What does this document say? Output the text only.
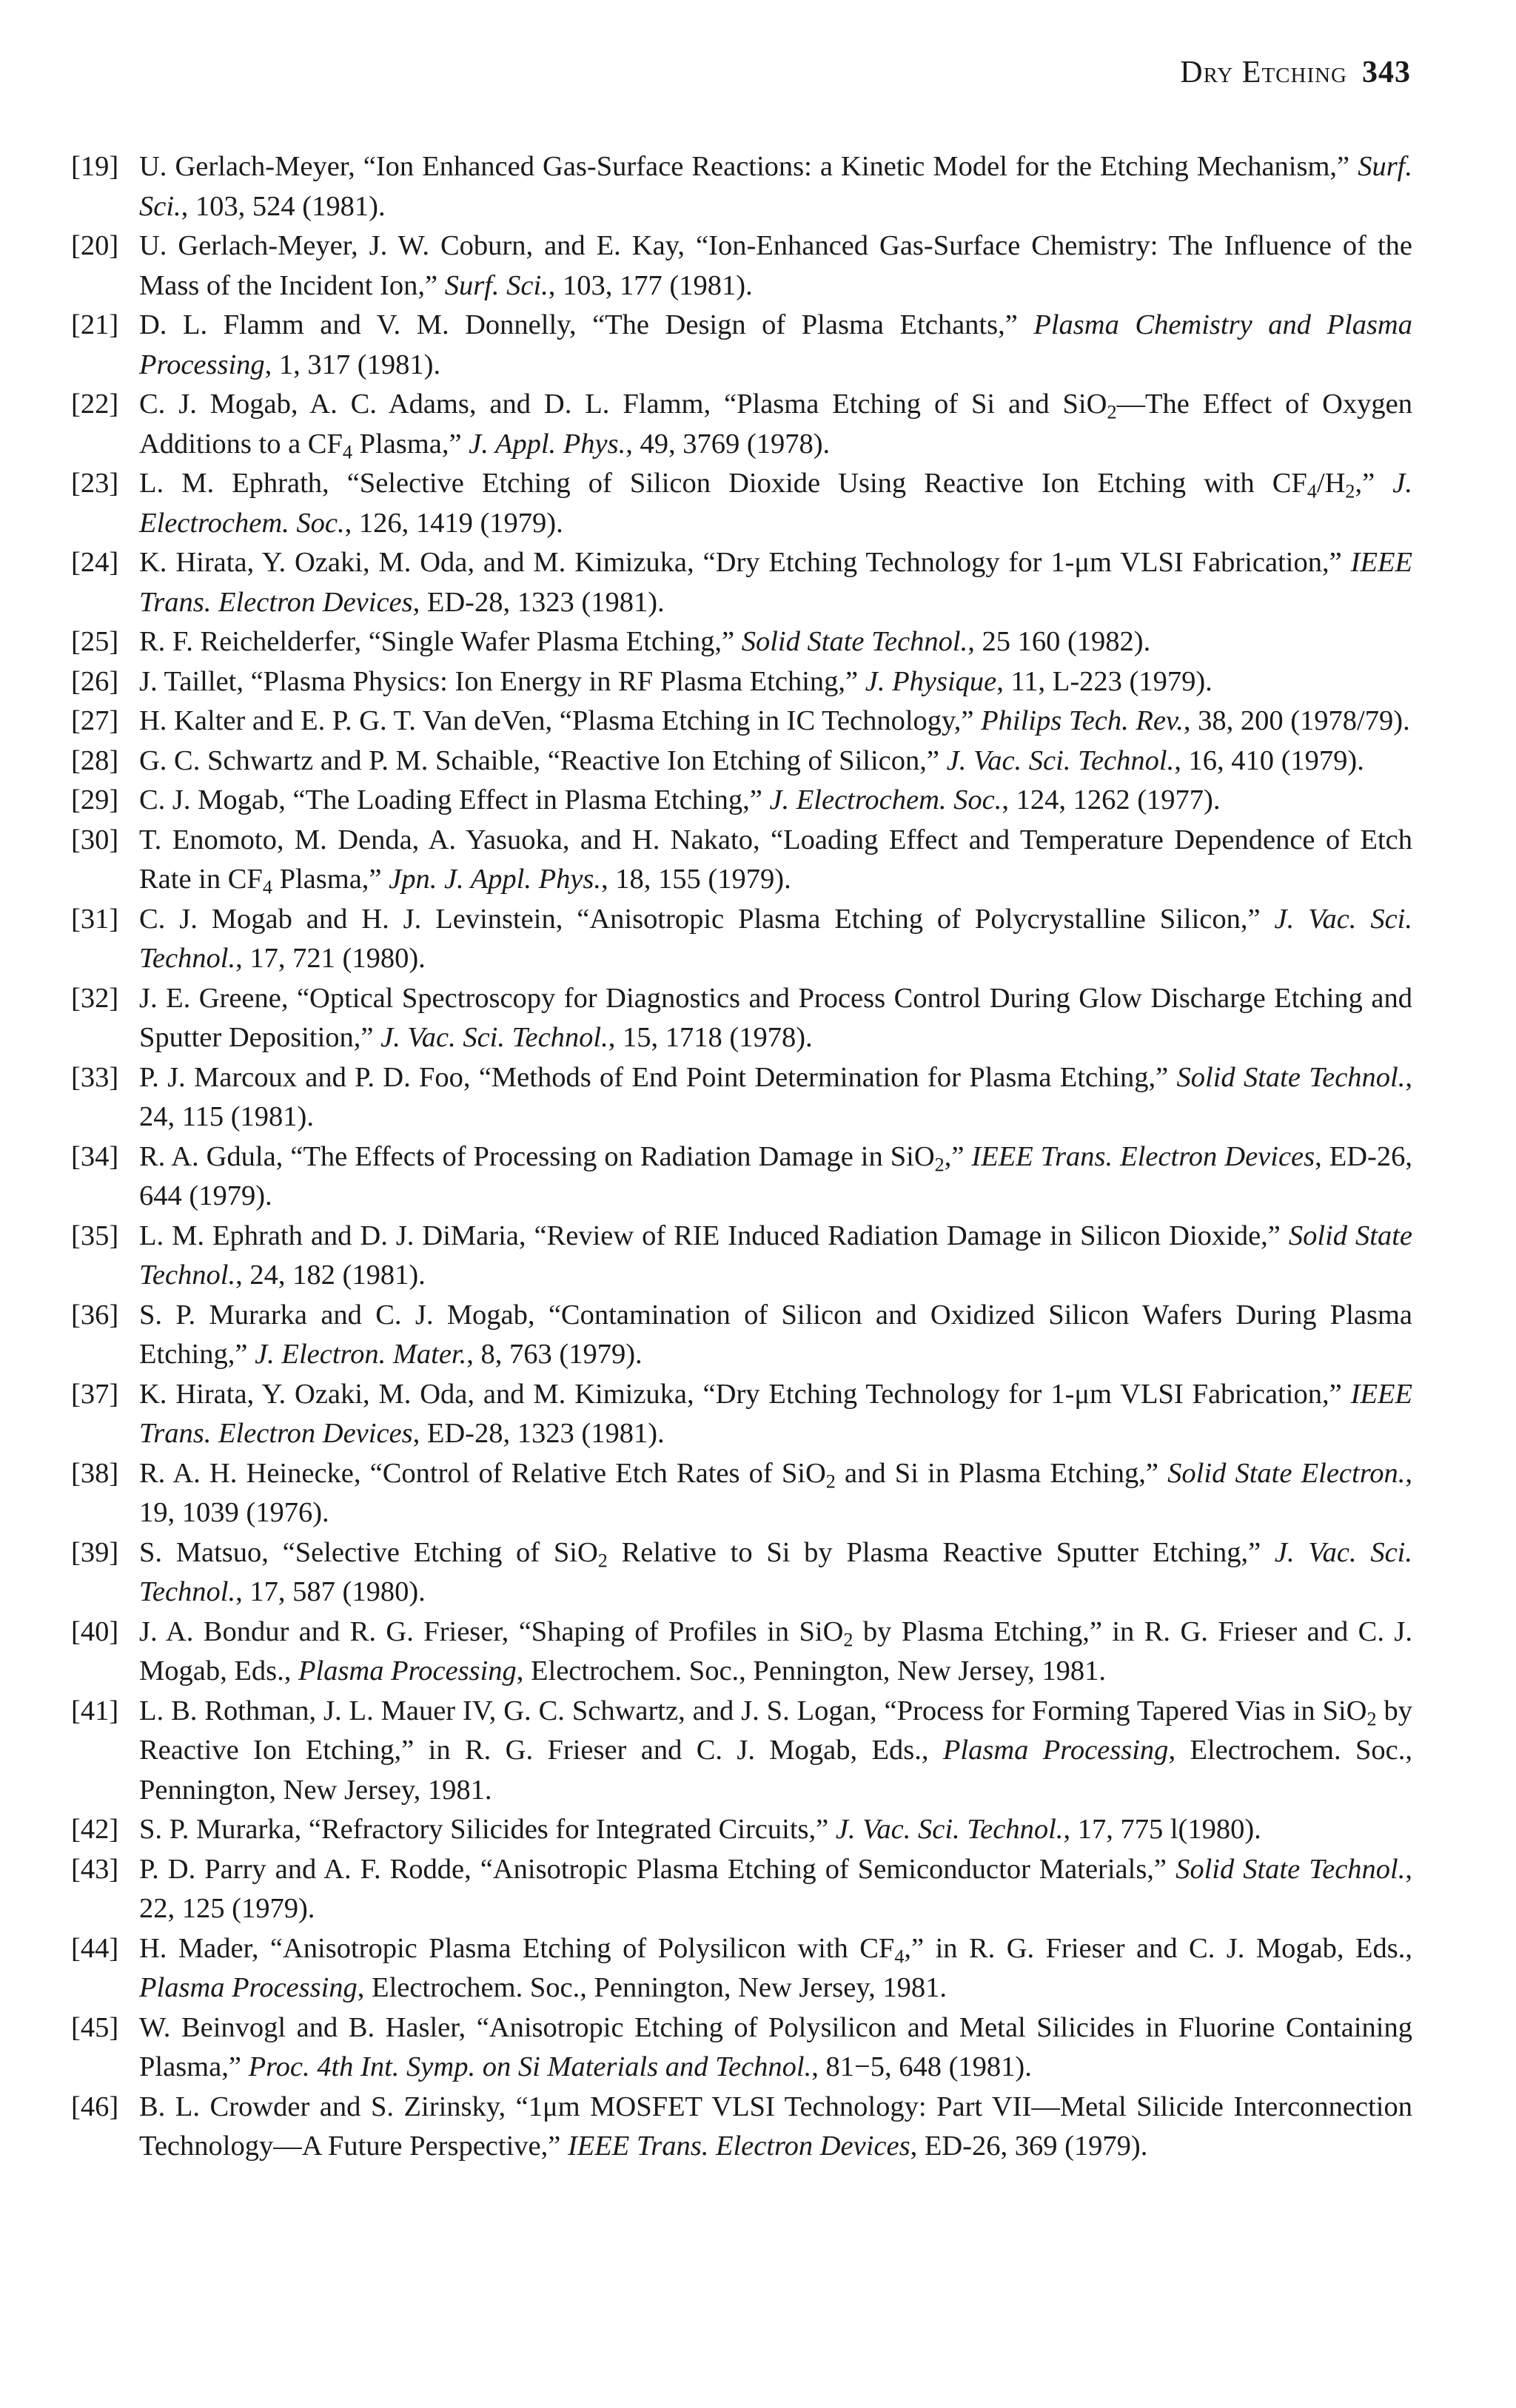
Dry Etching 343
[19] U. Gerlach-Meyer, “Ion Enhanced Gas-Surface Reactions: a Kinetic Model for the Etching Mechanism,” Surf. Sci., 103, 524 (1981).
[20] U. Gerlach-Meyer, J. W. Coburn, and E. Kay, “Ion-Enhanced Gas-Surface Chemistry: The Influence of the Mass of the Incident Ion,” Surf. Sci., 103, 177 (1981).
[21] D. L. Flamm and V. M. Donnelly, “The Design of Plasma Etchants,” Plasma Chemistry and Plasma Processing, 1, 317 (1981).
[22] C. J. Mogab, A. C. Adams, and D. L. Flamm, “Plasma Etching of Si and SiO$_2$—The Effect of Oxygen Additions to a $CF_4$ Plasma,” J. Appl. Phys., 49, 3769 (1978).
[23] L. M. Ephrath, “Selective Etching of Silicon Dioxide Using Reactive Ion Etching with $CF_4/H_2$,” J. Electrochem. Soc., 126, 1419 (1979).
[24] K. Hirata, Y. Ozaki, M. Oda, and M. Kimizuka, “Dry Etching Technology for 1-μm VLSI Fabrication,” IEEE Trans. Electron Devices, ED-28, 1323 (1981).
[25] R. F. Reichelderfer, “Single Wafer Plasma Etching,” Solid State Technol., 25 160 (1982).
[26] J. Taillet, “Plasma Physics: Ion Energy in RF Plasma Etching,” J. Physique, 11, L-223 (1979).
[27] H. Kalter and E. P. G. T. Van deVen, “Plasma Etching in IC Technology,” Philips Tech. Rev., 38, 200 (1978/79).
[28] G. C. Schwartz and P. M. Schaible, “Reactive Ion Etching of Silicon,” J. Vac. Sci. Technol., 16, 410 (1979).
[29] C. J. Mogab, “The Loading Effect in Plasma Etching,” J. Electrochem. Soc., 124, 1262 (1977).
[30] T. Enomoto, M. Denda, A. Yasuoka, and H. Nakato, “Loading Effect and Temperature Dependence of Etch Rate in $CF_4$ Plasma,” Jpn. J. Appl. Phys., 18, 155 (1979).
[31] C. J. Mogab and H. J. Levinstein, “Anisotropic Plasma Etching of Polycrystalline Silicon,” J. Vac. Sci. Technol., 17, 721 (1980).
[32] J. E. Greene, “Optical Spectroscopy for Diagnostics and Process Control During Glow Discharge Etching and Sputter Deposition,” J. Vac. Sci. Technol., 15, 1718 (1978).
[33] P. J. Marcoux and P. D. Foo, “Methods of End Point Determination for Plasma Etching,” Solid State Technol., 24, 115 (1981).
[34] R. A. Gdula, “The Effects of Processing on Radiation Damage in SiO$_2$,” IEEE Trans. Electron Devices, ED-26, 644 (1979).
[35] L. M. Ephrath and D. J. DiMaria, “Review of RIE Induced Radiation Damage in Silicon Dioxide,” Solid State Technol., 24, 182 (1981).
[36] S. P. Murarka and C. J. Mogab, “Contamination of Silicon and Oxidized Silicon Wafers During Plasma Etching,” J. Electron. Mater., 8, 763 (1979).
[37] K. Hirata, Y. Ozaki, M. Oda, and M. Kimizuka, “Dry Etching Technology for 1-μm VLSI Fabrication,” IEEE Trans. Electron Devices, ED-28, 1323 (1981).
[38] R. A. H. Heinecke, “Control of Relative Etch Rates of SiO$_2$ and Si in Plasma Etching,” Solid State Electron., 19, 1039 (1976).
[39] S. Matsuo, “Selective Etching of SiO$_2$ Relative to Si by Plasma Reactive Sputter Etching,” J. Vac. Sci. Technol., 17, 587 (1980).
[40] J. A. Bondur and R. G. Frieser, “Shaping of Profiles in SiO$_2$ by Plasma Etching,” in R. G. Frieser and C. J. Mogab, Eds., Plasma Processing, Electrochem. Soc., Pennington, New Jersey, 1981.
[41] L. B. Rothman, J. L. Mauer IV, G. C. Schwartz, and J. S. Logan, “Process for Forming Tapered Vias in SiO$_2$ by Reactive Ion Etching,” in R. G. Frieser and C. J. Mogab, Eds., Plasma Processing, Electrochem. Soc., Pennington, New Jersey, 1981.
[42] S. P. Murarka, “Refractory Silicides for Integrated Circuits,” J. Vac. Sci. Technol., 17, 775 l(1980).
[43] P. D. Parry and A. F. Rodde, “Anisotropic Plasma Etching of Semiconductor Materials,” Solid State Technol., 22, 125 (1979).
[44] H. Mader, “Anisotropic Plasma Etching of Polysilicon with $CF_4$,” in R. G. Frieser and C. J. Mogab, Eds., Plasma Processing, Electrochem. Soc., Pennington, New Jersey, 1981.
[45] W. Beinvogl and B. Hasler, “Anisotropic Etching of Polysilicon and Metal Silicides in Fluorine Containing Plasma,” Proc. 4th Int. Symp. on Si Materials and Technol., 81−5, 648 (1981).
[46] B. L. Crowder and S. Zirinsky, “1μm MOSFET VLSI Technology: Part VII—Metal Silicide Interconnection Technology—A Future Perspective,” IEEE Trans. Electron Devices, ED-26, 369 (1979).
